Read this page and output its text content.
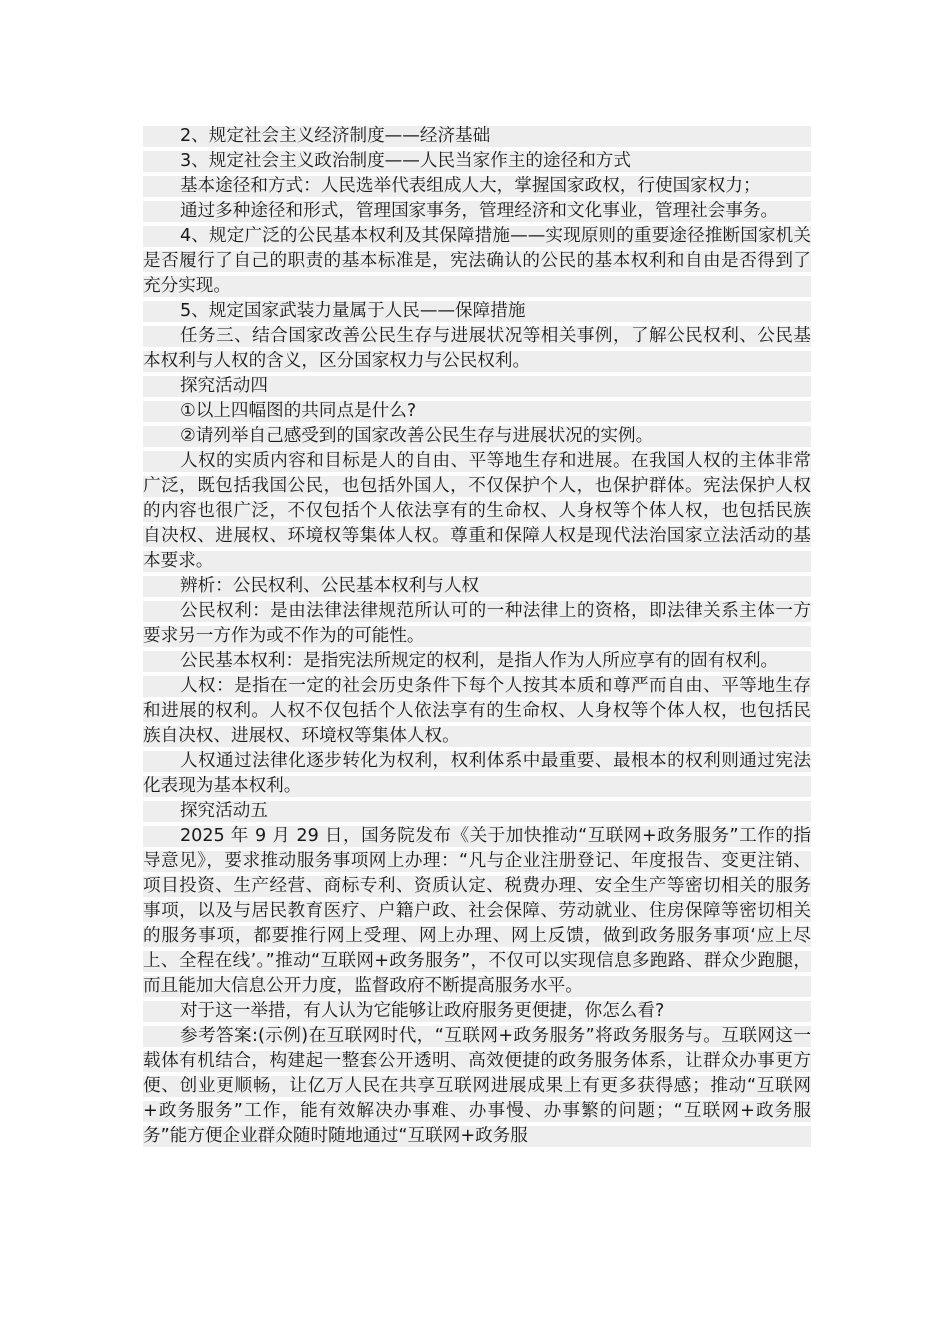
2、规定社会主义经济制度——经济基础

3、规定社会主义政治制度——人民当家作主的途径和方式

基本途径和方式：人民选举代表组成人大，掌握国家政权，行使国家权力；

通过多种途径和形式，管理国家事务，管理经济和文化事业，管理社会事务。

4、规定广泛的公民基本权利及其保障措施——实现原则的重要途径推断国家机关是否履行了自己的职责的基本标准是，宪法确认的公民的基本权利和自由是否得到了充分实现。

5、规定国家武装力量属于人民——保障措施

任务三、结合国家改善公民生存与进展状况等相关事例，了解公民权利、公民基本权利与人权的含义，区分国家权力与公民权利。

探究活动四

①以上四幅图的共同点是什么?

②请列举自己感受到的国家改善公民生存与进展状况的实例。

人权的实质内容和目标是人的自由、平等地生存和进展。在我国人权的主体非常广泛，既包括我国公民，也包括外国人，不仅保护个人，也保护群体。宪法保护人权的内容也很广泛，不仅包括个人依法享有的生命权、人身权等个体人权，也包括民族自决权、进展权、环境权等集体人权。尊重和保障人权是现代法治国家立法活动的基本要求。

辨析：公民权利、公民基本权利与人权

公民权利：是由法律法律规范所认可的一种法律上的资格，即法律关系主体一方要求另一方作为或不作为的可能性。

公民基本权利：是指宪法所规定的权利，是指人作为人所应享有的固有权利。

人权：是指在一定的社会历史条件下每个人按其本质和尊严而自由、平等地生存和进展的权利。人权不仅包括个人依法享有的生命权、人身权等个体人权，也包括民族自决权、进展权、环境权等集体人权。

人权通过法律化逐步转化为权利，权利体系中最重要、最根本的权利则通过宪法化表现为基本权利。

探究活动五

2025 年 9 月 29 日，国务院发布《关于加快推动“互联网+政务服务”工作的指导意见》，要求推动服务事项网上办理：“凡与企业注册登记、年度报告、变更注销、项目投资、生产经营、商标专利、资质认定、税费办理、安全生产等密切相关的服务事项，以及与居民教育医疗、户籍户政、社会保障、劳动就业、住房保障等密切相关的服务事项，都要推行网上受理、网上办理、网上反馈，做到政务服务事项‘应上尽上、全程在线’。”推动“互联网+政务服务”，不仅可以实现信息多跑路、群众少跑腿，而且能加大信息公开力度，监督政府不断提高服务水平。

对于这一举措，有人认为它能够让政府服务更便捷，你怎么看?

参考答案:(示例)在互联网时代，“互联网+政务服务”将政务服务与。互联网这一载体有机结合，构建起一整套公开透明、高效便捷的政务服务体系，让群众办事更方便、创业更顺畅，让亿万人民在共享互联网进展成果上有更多获得感；推动“互联网+政务服务”工作，能有效解决办事难、办事慢、办事繁的问题；“互联网+政务服务”能方便企业群众随时随地通过“互联网+政务服
